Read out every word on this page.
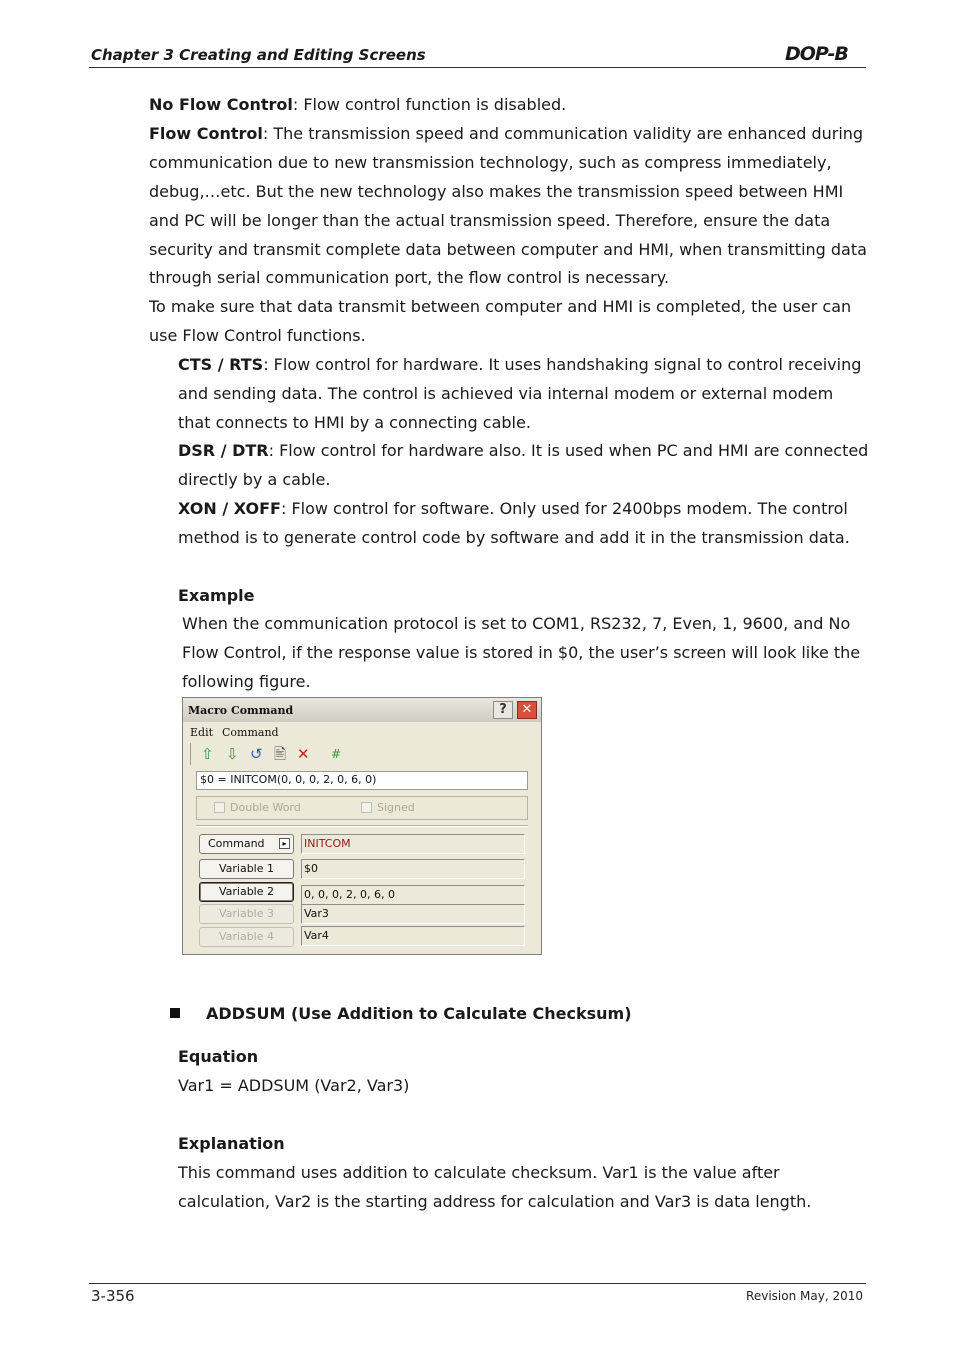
Chapter 3 Creating and Editing Screens	DOP-B
No Flow Control: Flow control function is disabled.
Flow Control: The transmission speed and communication validity are enhanced during
communication due to new transmission technology, such as compress immediately,
debug,…etc. But the new technology also makes the transmission speed between HMI
and PC will be longer than the actual transmission speed. Therefore, ensure the data
security and transmit complete data between computer and HMI, when transmitting data
through serial communication port, the flow control is necessary.
To make sure that data transmit between computer and HMI is completed, the user can
use Flow Control functions.
CTS / RTS: Flow control for hardware. It uses handshaking signal to control receiving
and sending data. The control is achieved via internal modem or external modem
that connects to HMI by a connecting cable.
DSR / DTR: Flow control for hardware also. It is used when PC and HMI are connected
directly by a cable.
XON / XOFF: Flow control for software. Only used for 2400bps modem. The control
method is to generate control code by software and add it in the transmission data.
Example
When the communication protocol is set to COM1, RS232, 7, Even, 1, 9600, and No
Flow Control, if the response value is stored in $0, the user’s screen will look like the
following figure.
Macro Command	?	✕
Edit Command
⇧ ⇩ ↺ 🖹 ✕ #
$0 = INITCOM(0, 0, 0, 2, 0, 6, 0)
Double Word	Signed
Command	▸	INITCOM
Variable 1	$0
Variable 2	0, 0, 0, 2, 0, 6, 0
Variable 3	Var3
Variable 4	Var4
ADDSUM (Use Addition to Calculate Checksum)
Equation
Var1 = ADDSUM (Var2, Var3)
Explanation
This command uses addition to calculate checksum. Var1 is the value after
calculation, Var2 is the starting address for calculation and Var3 is data length.
3-356	Revision May, 2010
